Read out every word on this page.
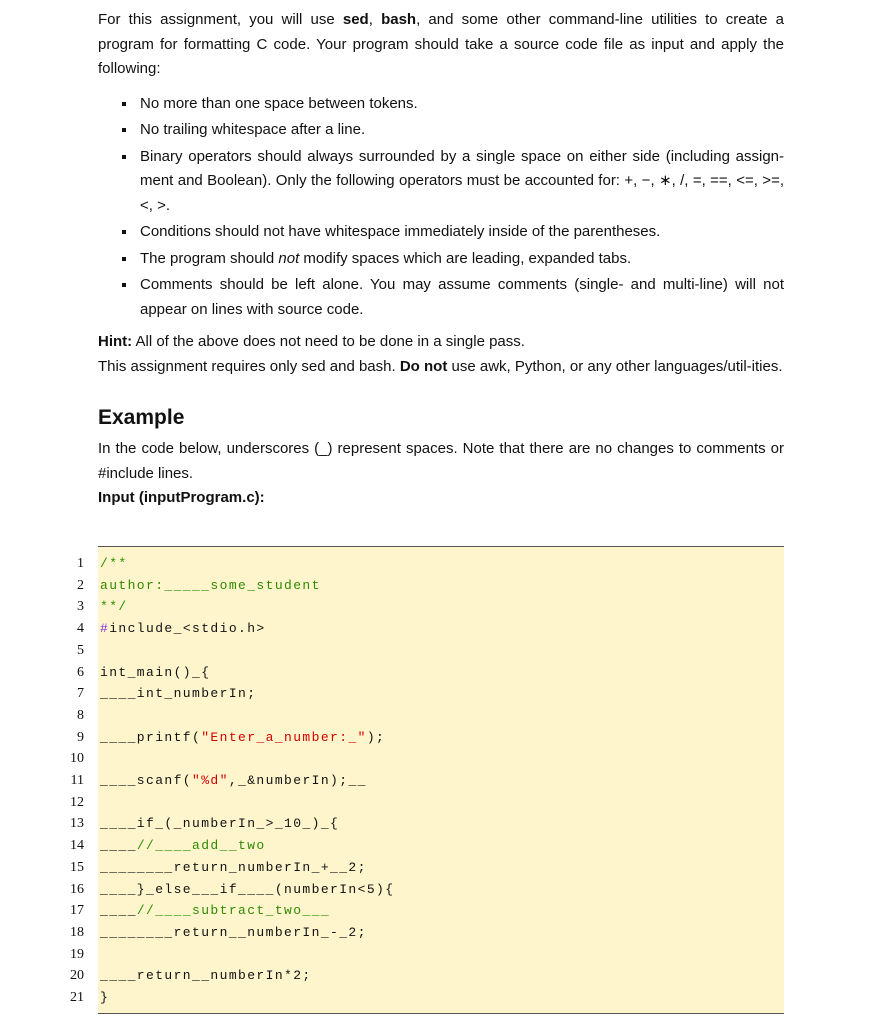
For this assignment, you will use sed, bash, and some other command-line utilities to create a program for formatting C code. Your program should take a source code file as input and apply the following:

No more than one space between tokens.
No trailing whitespace after a line.
Binary operators should always surrounded by a single space on either side (including assign-ment and Boolean). Only the following operators must be accounted for: +, −, ∗, /, =, ==, <=, >=, <, >.
Conditions should not have whitespace immediately inside of the parentheses.
The program should not modify spaces which are leading, expanded tabs.
Comments should be left alone. You may assume comments (single- and multi-line) will not appear on lines with source code.

Hint: All of the above does not need to be done in a single pass.

This assignment requires only sed and bash. Do not use awk, Python, or any other languages/util-ities.

Example

In the code below, underscores (_) represent spaces. Note that there are no changes to comments or #include lines.

Input (inputProgram.c):
1 /**
2 author:_____some_student
3 **/
4 #include_<stdio.h>
5
6 int_main()_{
7 ____int_numberIn;
8
9 ____printf("Enter_a_number:_");
10
11 ____scanf("%d",_&numberIn);__
12
13 ____if_(_numberIn_>_10_)_{
14 ____//____add__two
15 ________return_numberIn_+__2;
16 ____}_else___if____(numberIn<5){
17 ____//____subtract_two___
18 ________return__numberIn_-_2;
19
20 ____return__numberIn*2;
21 }
